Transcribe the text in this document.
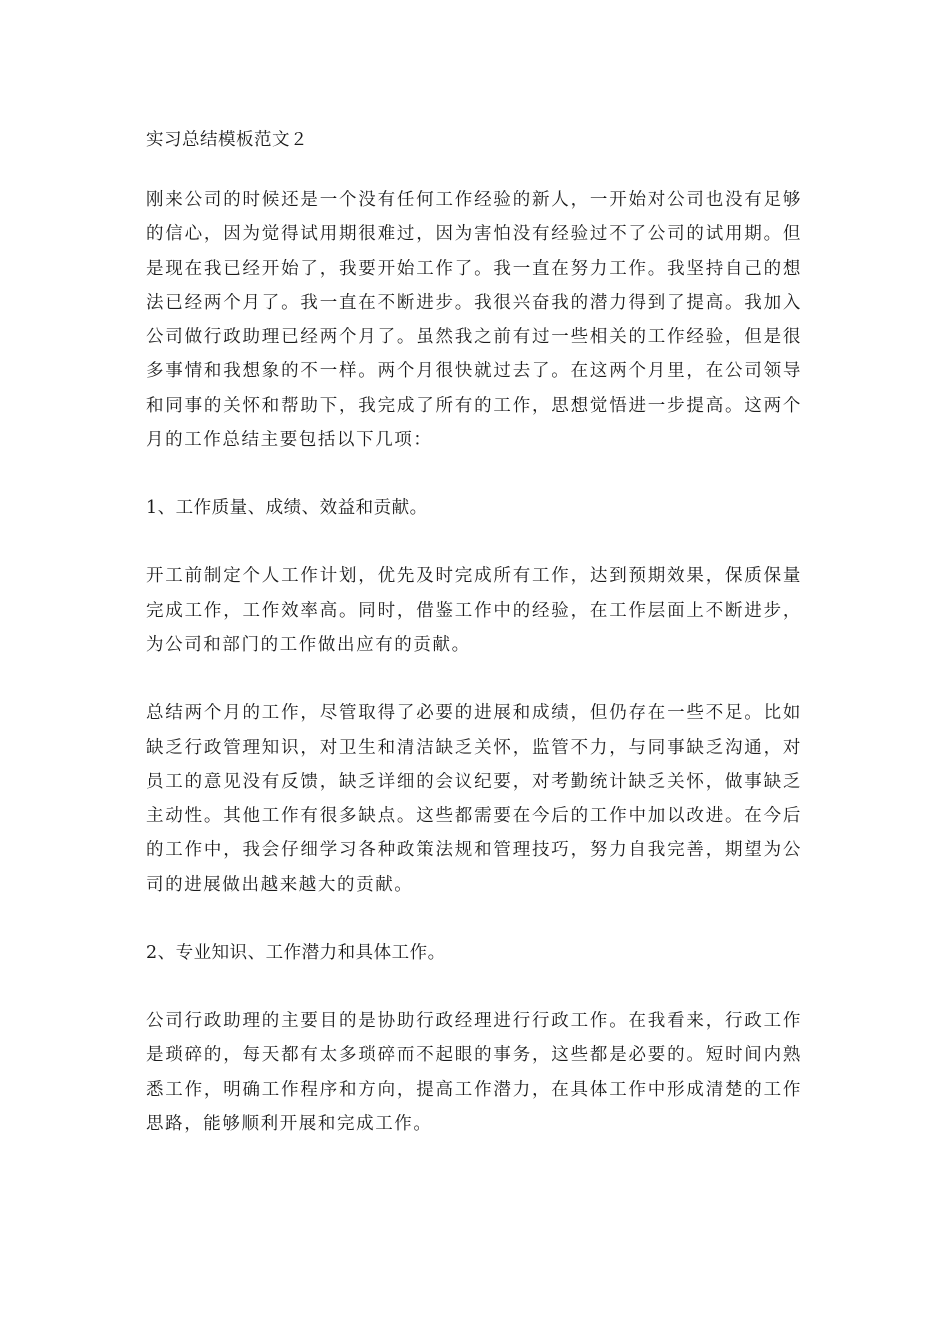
实习总结模板范文２

刚来公司的时候还是一个没有任何工作经验的新人，一开始对公司也没有足够的信心，因为觉得试用期很难过，因为害怕没有经验过不了公司的试用期。但是现在我已经开始了，我要开始工作了。我一直在努力工作。我坚持自己的想法已经两个月了。我一直在不断进步。我很兴奋我的潜力得到了提高。我加入公司做行政助理已经两个月了。虽然我之前有过一些相关的工作经验，但是很多事情和我想象的不一样。两个月很快就过去了。在这两个月里，在公司领导和同事的关怀和帮助下，我完成了所有的工作，思想觉悟进一步提高。这两个月的工作总结主要包括以下几项：

1、工作质量、成绩、效益和贡献。

开工前制定个人工作计划，优先及时完成所有工作，达到预期效果，保质保量完成工作，工作效率高。同时，借鉴工作中的经验，在工作层面上不断进步，为公司和部门的工作做出应有的贡献。

总结两个月的工作，尽管取得了必要的进展和成绩，但仍存在一些不足。比如缺乏行政管理知识，对卫生和清洁缺乏关怀，监管不力，与同事缺乏沟通，对员工的意见没有反馈，缺乏详细的会议纪要，对考勤统计缺乏关怀，做事缺乏主动性。其他工作有很多缺点。这些都需要在今后的工作中加以改进。在今后的工作中，我会仔细学习各种政策法规和管理技巧，努力自我完善，期望为公司的进展做出越来越大的贡献。

2、专业知识、工作潜力和具体工作。

公司行政助理的主要目的是协助行政经理进行行政工作。在我看来，行政工作是琐碎的，每天都有太多琐碎而不起眼的事务，这些都是必要的。短时间内熟悉工作，明确工作程序和方向，提高工作潜力，在具体工作中形成清楚的工作思路，能够顺利开展和完成工作。
